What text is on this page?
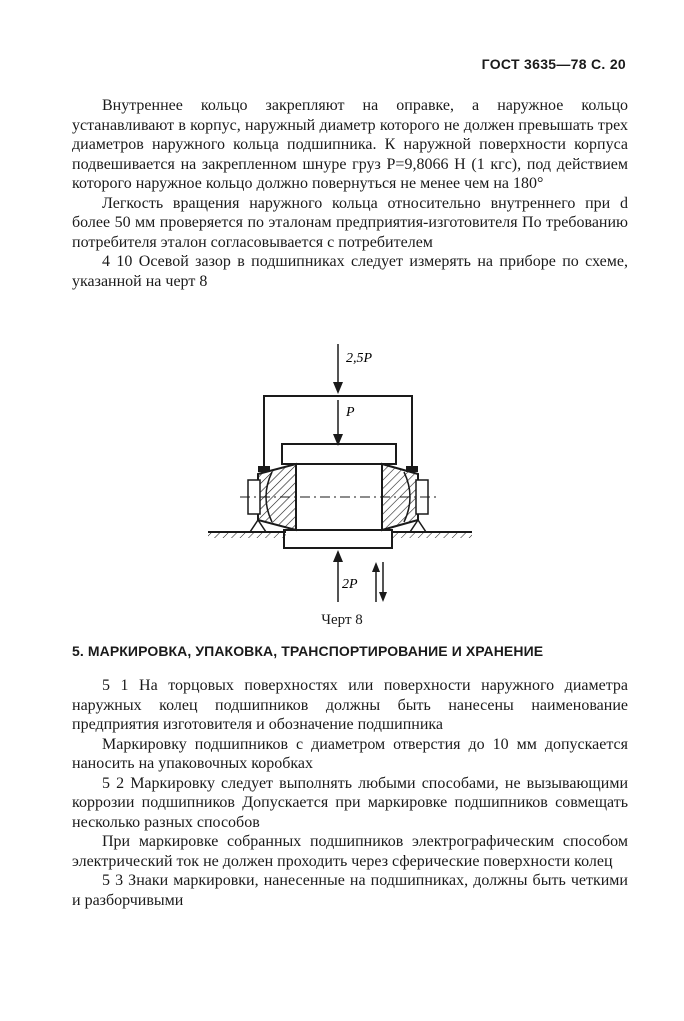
ГОСТ 3635—78 С. 20

Внутреннее кольцо закрепляют на оправке, а наружное кольцо устанавливают в корпус, наружный диаметр которого не должен превышать трех диаметров наружного кольца подшипника. К наружной поверхности корпуса подвешивается на закрепленном шнуре груз P=9,8066 Н (1 кгс), под действием которого наружное кольцо должно повернуться не менее чем на 180°

Легкость вращения наружного кольца относительно внутреннего при d более 50 мм проверяется по эталонам предприятия-изготовителя По требованию потребителя эталон согласовывается с потребителем

4 10 Осевой зазор в подшипниках следует измерять на приборе по схеме, указанной на черт 8

2,5P
P
2P
Черт 8
5. МАРКИРОВКА, УПАКОВКА, ТРАНСПОРТИРОВАНИЕ И ХРАНЕНИЕ

5 1 На торцовых поверхностях или поверхности наружного диаметра наружных колец подшипников должны быть нанесены наименование предприятия изготовителя и обозначение подшипника

Маркировку подшипников с диаметром отверстия до 10 мм допускается наносить на упаковочных коробках

5 2 Маркировку следует выполнять любыми способами, не вызывающими коррозии подшипников Допускается при маркировке подшипников совмещать несколько разных способов

При маркировке собранных подшипников электрографическим способом электрический ток не должен проходить через сферические поверхности колец

5 3 Знаки маркировки, нанесенные на подшипниках, должны быть четкими и разборчивыми
